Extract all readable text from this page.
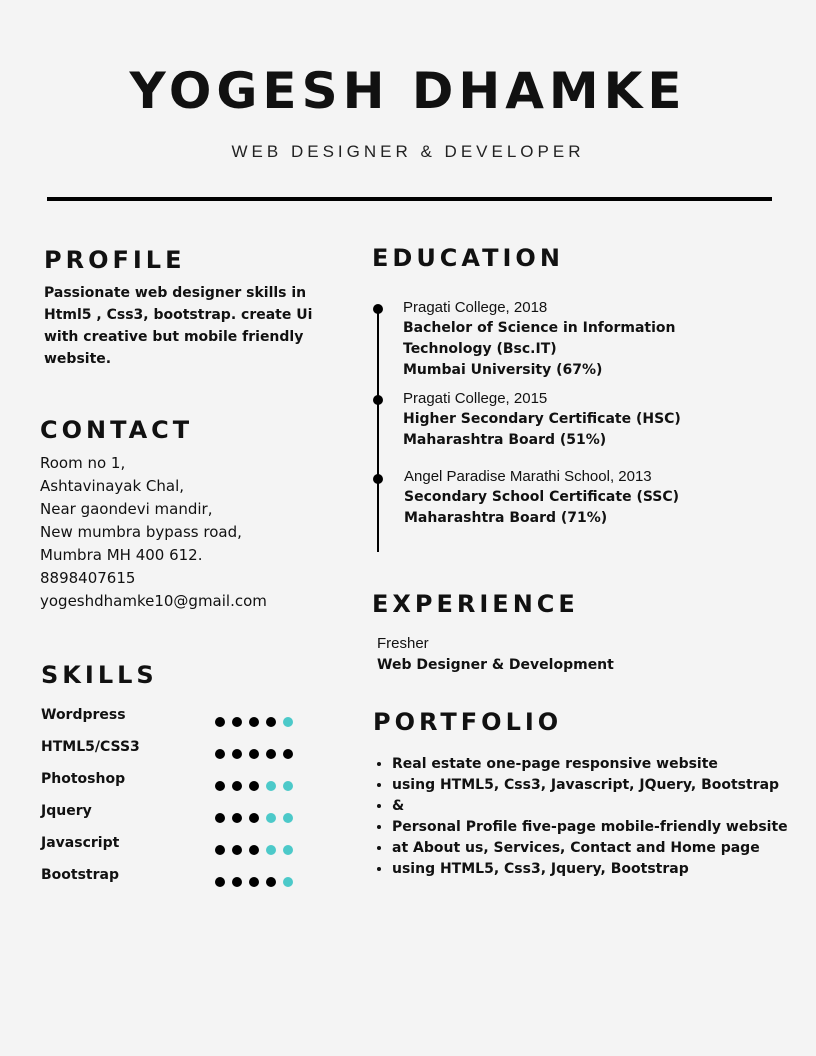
YOGESH DHAMKE
WEB DESIGNER & DEVELOPER
PROFILE
Passionate web designer skills in Html5 , Css3, bootstrap. create Ui with creative but mobile friendly website.
CONTACT
Room no 1,
Ashtavinayak Chal,
Near gaondevi mandir,
New mumbra bypass road,
Mumbra MH 400 612.
8898407615
yogeshdhamke10@gmail.com
SKILLS
Wordpress
HTML5/CSS3
Photoshop
Jquery
Javascript
Bootstrap
EDUCATION
Pragati College, 2018
Bachelor of Science in Information Technology (Bsc.IT)
Mumbai University (67%)
Pragati College, 2015
Higher Secondary Certificate (HSC)
Maharashtra Board (51%)
Angel Paradise Marathi School, 2013
Secondary School Certificate (SSC)
Maharashtra Board (71%)
EXPERIENCE
Fresher
Web Designer & Development
PORTFOLIO
• Real estate one-page responsive website
• using HTML5, Css3, Javascript, JQuery, Bootstrap
• &
• Personal Profile five-page mobile-friendly website
• at About us, Services, Contact and Home page
• using HTML5, Css3, Jquery, Bootstrap
